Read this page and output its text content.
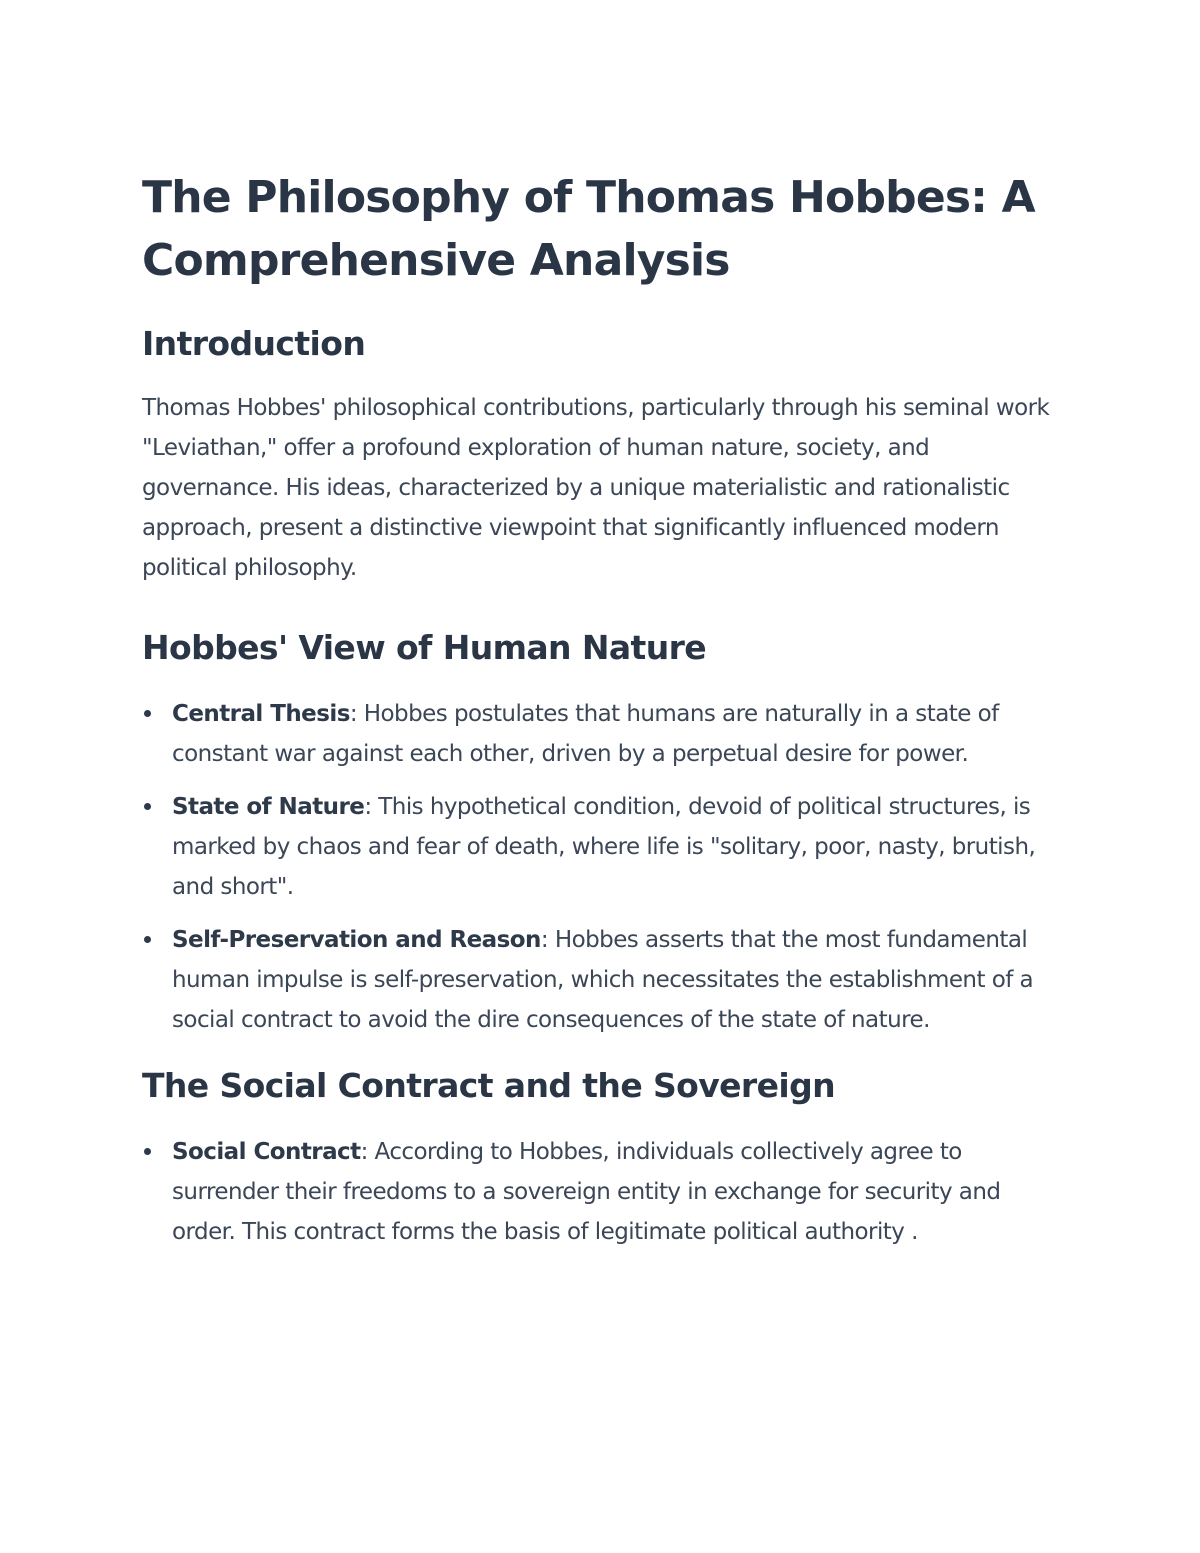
The Philosophy of Thomas Hobbes: A Comprehensive Analysis
Introduction

Thomas Hobbes' philosophical contributions, particularly through his seminal work "Leviathan," offer a profound exploration of human nature, society, and governance. His ideas, characterized by a unique materialistic and rationalistic approach, present a distinctive viewpoint that significantly influenced modern political philosophy.

Hobbes' View of Human Nature
Central Thesis: Hobbes postulates that humans are naturally in a state of constant war against each other, driven by a perpetual desire for power.
State of Nature: This hypothetical condition, devoid of political structures, is marked by chaos and fear of death, where life is "solitary, poor, nasty, brutish, and short".
Self-Preservation and Reason: Hobbes asserts that the most fundamental human impulse is self-preservation, which necessitates the establishment of a social contract to avoid the dire consequences of the state of nature.
The Social Contract and the Sovereign
Social Contract: According to Hobbes, individuals collectively agree to surrender their freedoms to a sovereign entity in exchange for security and order. This contract forms the basis of legitimate political authority .
